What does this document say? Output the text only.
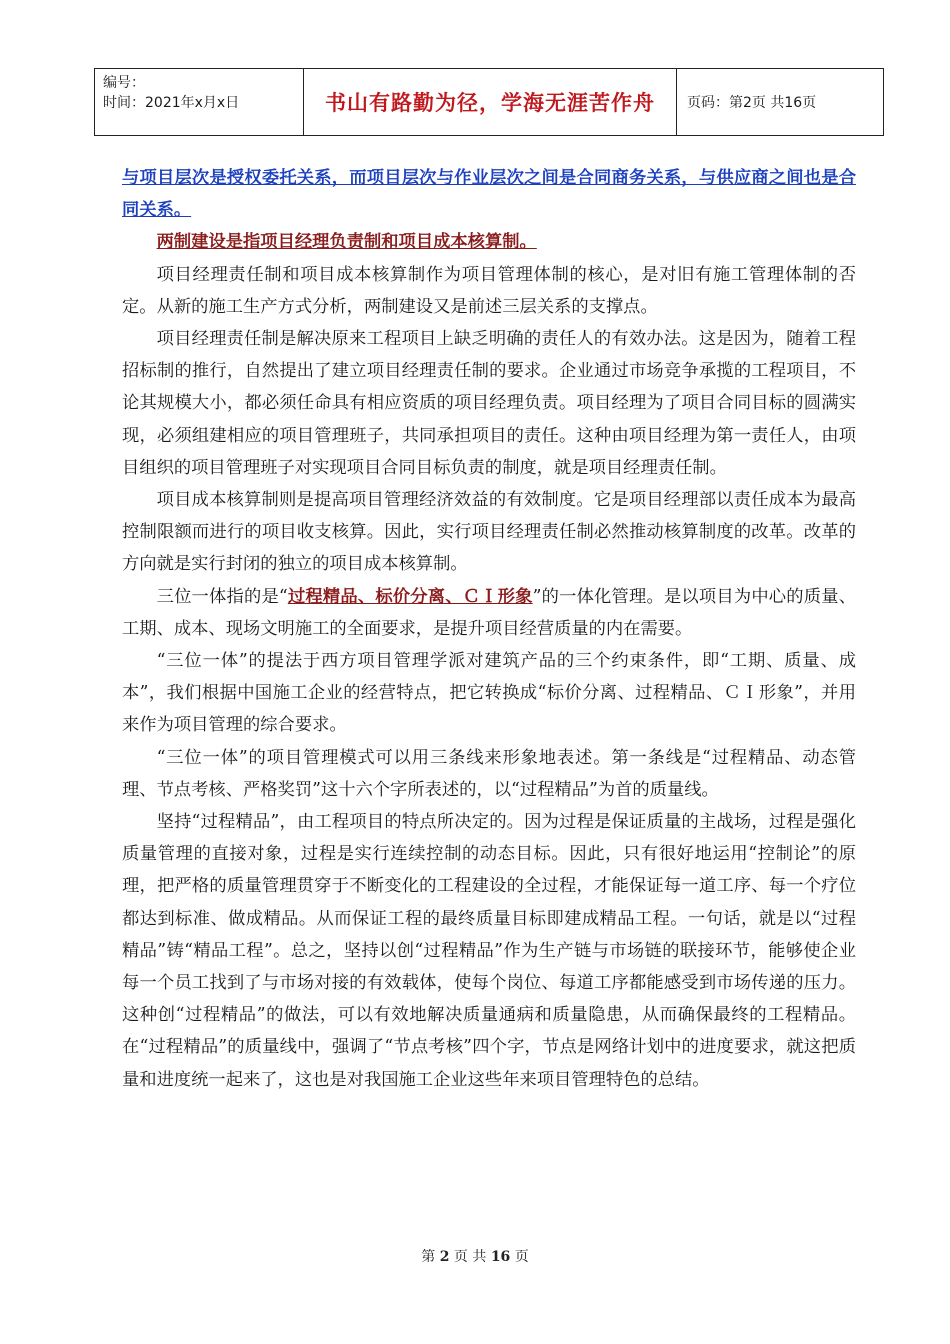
编号：
时间：2021年x月x日	书山有路勤为径，学海无涯苦作舟	页码：第2页 共16页

与项目层次是授权委托关系，而项目层次与作业层次之间是合同商务关系，与供应商之间也是合同关系。

两制建设是指项目经理负责制和项目成本核算制。

项目经理责任制和项目成本核算制作为项目管理体制的核心，是对旧有施工管理体制的否定。从新的施工生产方式分析，两制建设又是前述三层关系的支撑点。

项目经理责任制是解决原来工程项目上缺乏明确的责任人的有效办法。这是因为，随着工程招标制的推行，自然提出了建立项目经理责任制的要求。企业通过市场竞争承揽的工程项目，不论其规模大小，都必须任命具有相应资质的项目经理负责。项目经理为了项目合同目标的圆满实现，必须组建相应的项目管理班子，共同承担项目的责任。这种由项目经理为第一责任人，由项目组织的项目管理班子对实现项目合同目标负责的制度，就是项目经理责任制。

项目成本核算制则是提高项目管理经济效益的有效制度。它是项目经理部以责任成本为最高控制限额而进行的项目收支核算。因此，实行项目经理责任制必然推动核算制度的改革。改革的方向就是实行封闭的独立的项目成本核算制。

三位一体指的是“过程精品、标价分离、ＣＩ形象”的一体化管理。是以项目为中心的质量、工期、成本、现场文明施工的全面要求，是提升项目经营质量的内在需要。

“三位一体”的提法于西方项目管理学派对建筑产品的三个约束条件，即“工期、质量、成本”，我们根据中国施工企业的经营特点，把它转换成“标价分离、过程精品、ＣＩ形象”，并用来作为项目管理的综合要求。

“三位一体”的项目管理模式可以用三条线来形象地表述。第一条线是“过程精品、动态管理、节点考核、严格奖罚”这十六个字所表述的，以“过程精品”为首的质量线。

坚持“过程精品”，由工程项目的特点所决定的。因为过程是保证质量的主战场，过程是强化质量管理的直接对象，过程是实行连续控制的动态目标。因此，只有很好地运用“控制论”的原理，把严格的质量管理贯穿于不断变化的工程建设的全过程，才能保证每一道工序、每一个疗位都达到标准、做成精品。从而保证工程的最终质量目标即建成精品工程。一句话，就是以“过程精品”铸“精品工程”。总之，坚持以创“过程精品”作为生产链与市场链的联接环节，能够使企业每一个员工找到了与市场对接的有效载体，使每个岗位、每道工序都能感受到市场传递的压力。这种创“过程精品”的做法，可以有效地解决质量通病和质量隐患，从而确保最终的工程精品。在“过程精品”的质量线中，强调了“节点考核”四个字，节点是网络计划中的进度要求，就这把质量和进度统一起来了，这也是对我国施工企业这些年来项目管理特色的总结。

第 2 页 共 16 页
